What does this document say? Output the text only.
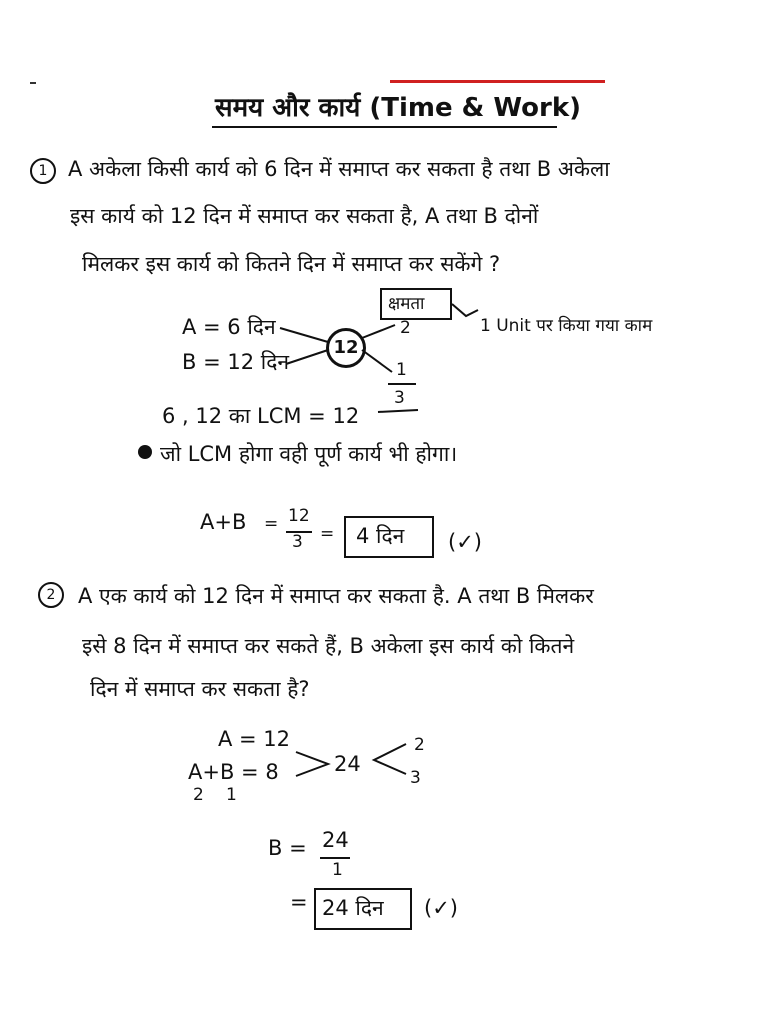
समय और कार्य (Time & Work)
1 A अकेला किसी कार्य को 6 दिन में समाप्त कर सकता है तथा B अकेला
इस कार्य को 12 दिन में समाप्त कर सकता है, A तथा B दोनों
मिलकर इस कार्य को कितने दिन में समाप्त कर सकेंगे ?
क्षमता
1 Unit पर किया गया काम
A = 6 दिन
B = 12 दिन
12
2
1
3
6 , 12 का LCM = 12
जो LCM होगा वही पूर्ण कार्य भी होगा।
A+B = 12
3 = 4 दिन (✓)
2	A एक कार्य को 12 दिन में समाप्त कर सकता है. A तथा B मिलकर
इसे 8 दिन में समाप्त कर सकते हैं, B अकेला इस कार्य को कितने
दिन में समाप्त कर सकता है?
A = 12
A+B = 8
2 1
24
2
3
B = 24
1
= 24 दिन (✓)
